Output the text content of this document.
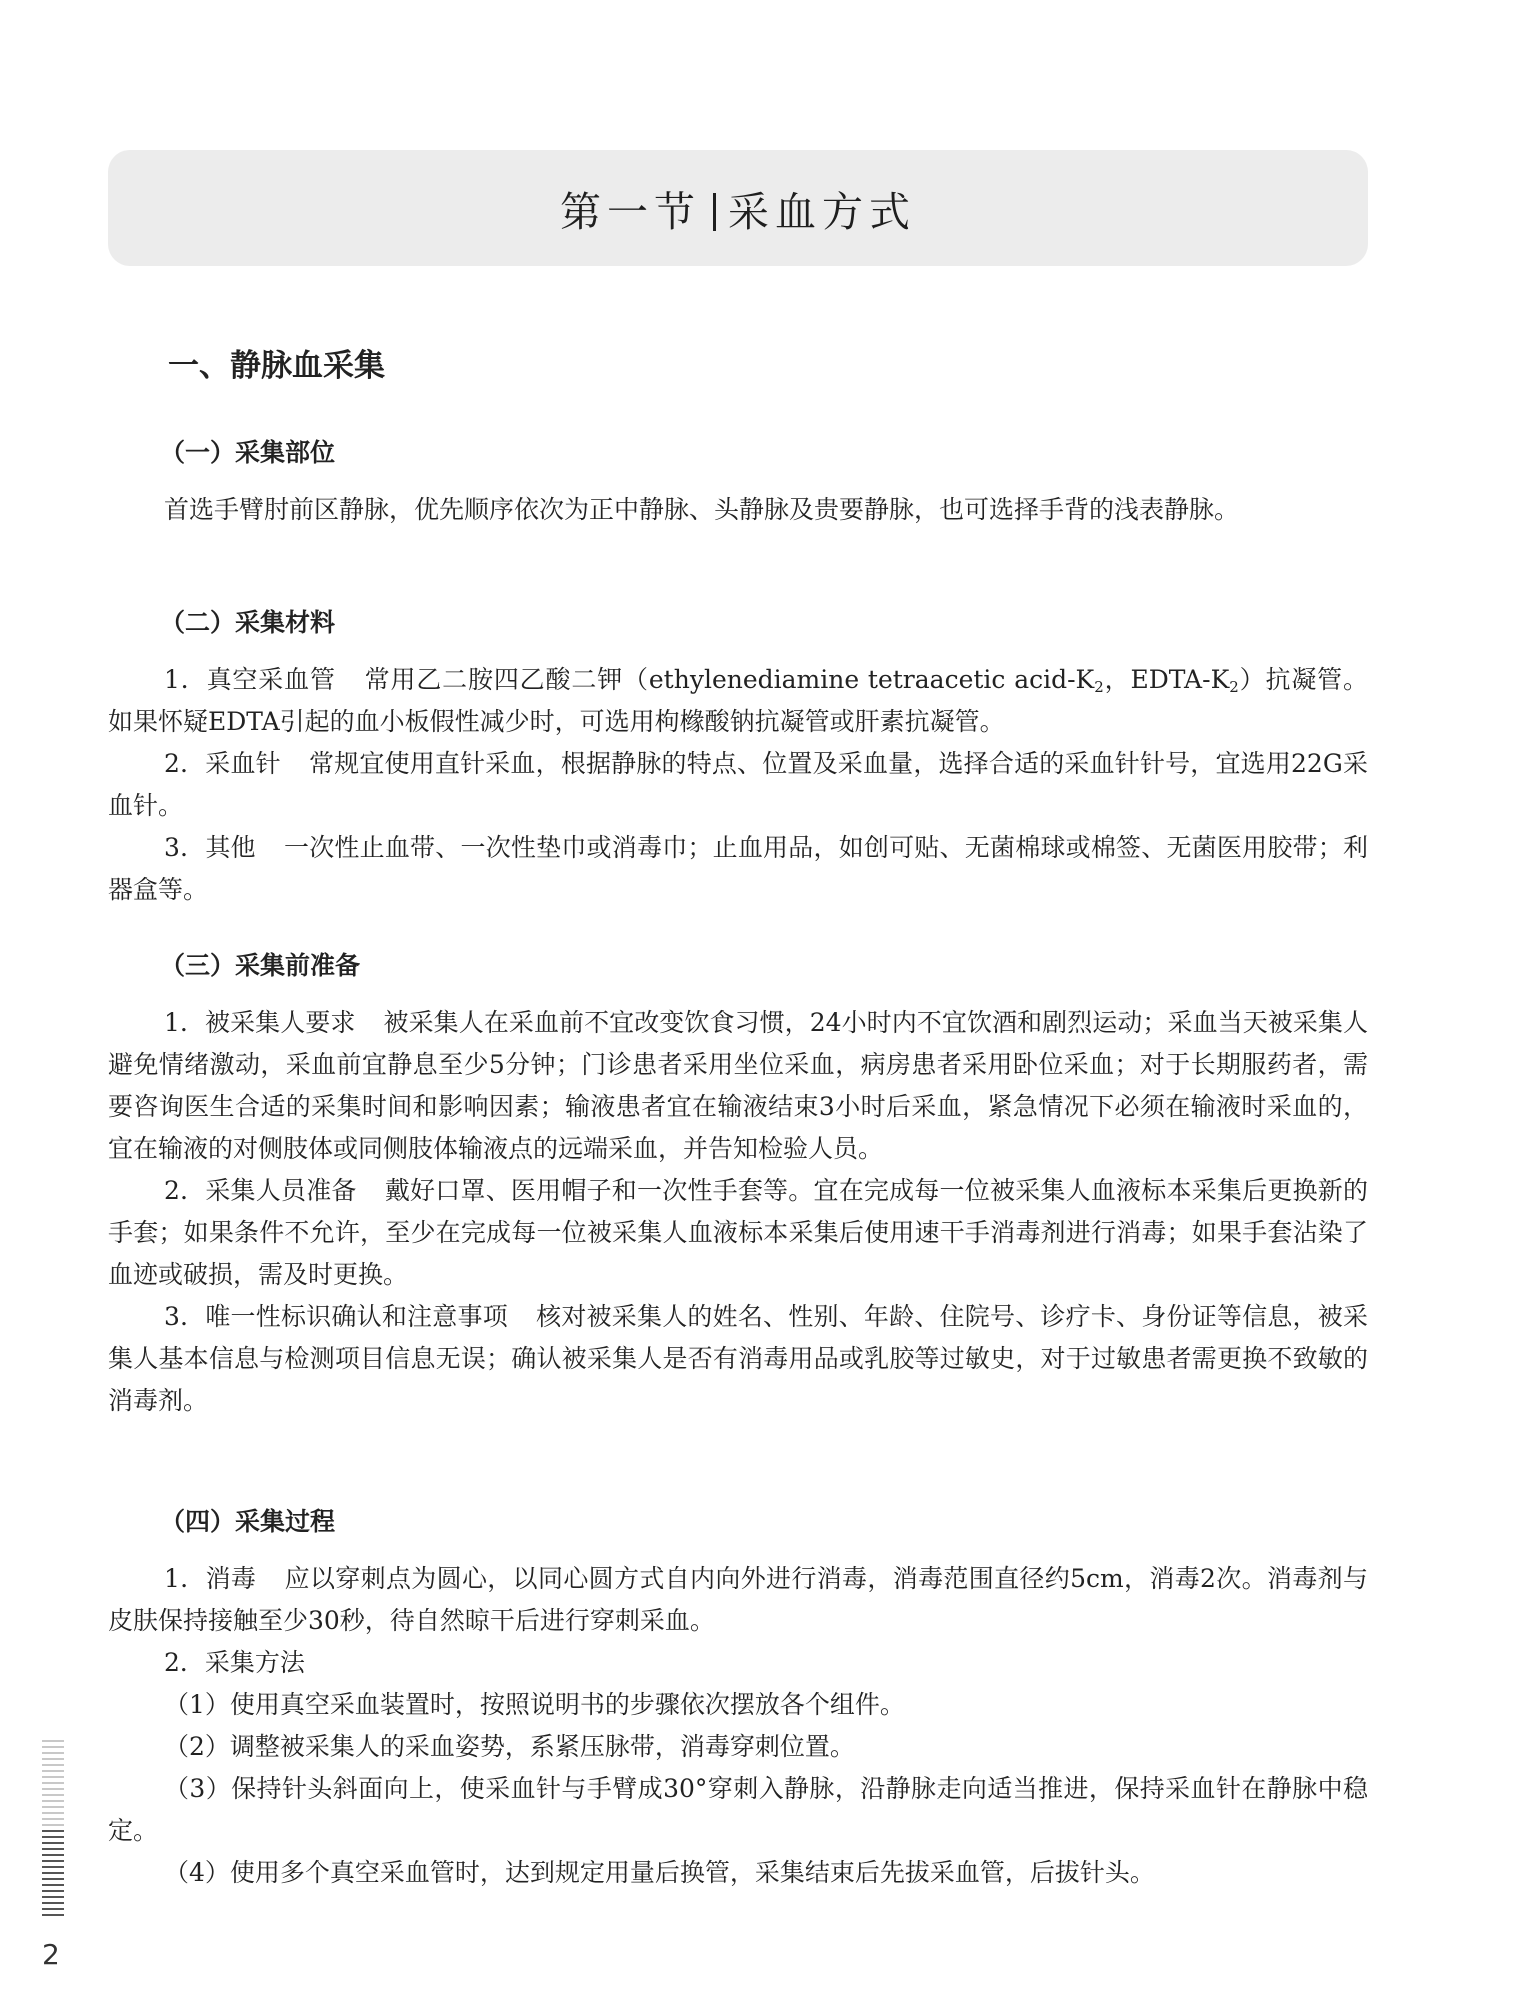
第一节 采血方式
一、静脉血采集
（一）采集部位

首选手臂肘前区静脉，优先顺序依次为正中静脉、头静脉及贵要静脉，也可选择手背的浅表静脉。

（二）采集材料

1．真空采血管 常用乙二胺四乙酸二钾（ethylenediamine tetraacetic acid-$K_2$，EDTA-$K_2$）抗凝管。如果怀疑EDTA引起的血小板假性减少时，可选用枸橼酸钠抗凝管或肝素抗凝管。

2．采血针 常规宜使用直针采血，根据静脉的特点、位置及采血量，选择合适的采血针针号，宜选用22G采血针。

3．其他 一次性止血带、一次性垫巾或消毒巾；止血用品，如创可贴、无菌棉球或棉签、无菌医用胶带；利器盒等。

（三）采集前准备

1．被采集人要求 被采集人在采血前不宜改变饮食习惯，24小时内不宜饮酒和剧烈运动；采血当天被采集人避免情绪激动，采血前宜静息至少5分钟；门诊患者采用坐位采血，病房患者采用卧位采血；对于长期服药者，需要咨询医生合适的采集时间和影响因素；输液患者宜在输液结束3小时后采血，紧急情况下必须在输液时采血的，宜在输液的对侧肢体或同侧肢体输液点的远端采血，并告知检验人员。

2．采集人员准备 戴好口罩、医用帽子和一次性手套等。宜在完成每一位被采集人血液标本采集后更换新的手套；如果条件不允许，至少在完成每一位被采集人血液标本采集后使用速干手消毒剂进行消毒；如果手套沾染了血迹或破损，需及时更换。

3．唯一性标识确认和注意事项 核对被采集人的姓名、性别、年龄、住院号、诊疗卡、身份证等信息，被采集人基本信息与检测项目信息无误；确认被采集人是否有消毒用品或乳胶等过敏史，对于过敏患者需更换不致敏的消毒剂。

（四）采集过程

1．消毒 应以穿刺点为圆心，以同心圆方式自内向外进行消毒，消毒范围直径约5cm，消毒2次。消毒剂与皮肤保持接触至少30秒，待自然晾干后进行穿刺采血。

2．采集方法

（1）使用真空采血装置时，按照说明书的步骤依次摆放各个组件。

（2）调整被采集人的采血姿势，系紧压脉带，消毒穿刺位置。

（3）保持针头斜面向上，使采血针与手臂成30°穿刺入静脉，沿静脉走向适当推进，保持采血针在静脉中稳定。

（4）使用多个真空采血管时，达到规定用量后换管，采集结束后先拔采血管，后拔针头。

2
